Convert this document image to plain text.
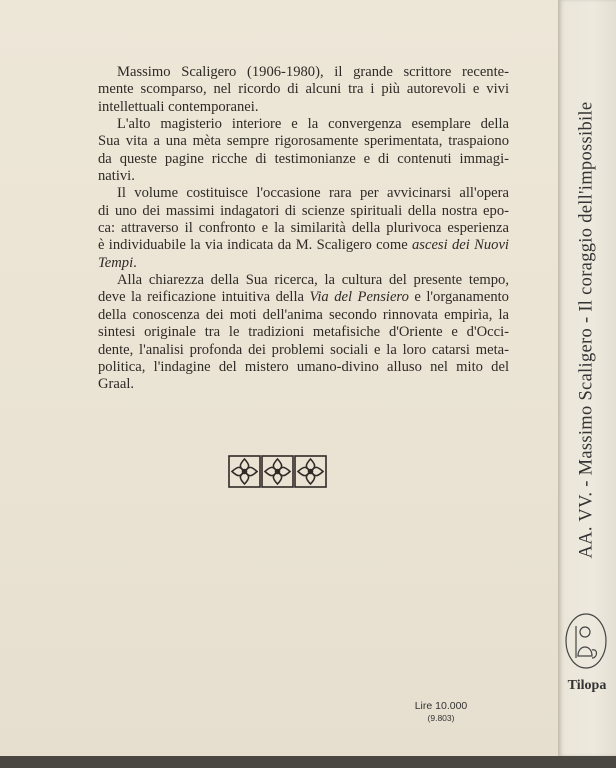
Massimo Scaligero (1906-1980), il grande scrittore recente-
mente scomparso, nel ricordo di alcuni tra i più autorevoli e vivi
intellettuali contemporanei.
L'alto magisterio interiore e la convergenza esemplare della
Sua vita a una mèta sempre rigorosamente sperimentata, traspaiono
da queste pagine ricche di testimonianze e di contenuti immagi-
nativi.
Il volume costituisce l'occasione rara per avvicinarsi all'opera
di uno dei massimi indagatori di scienze spirituali della nostra epo-
ca: attraverso il confronto e la similarità della plurivoca esperienza
è individuabile la via indicata da M. Scaligero come ascesi dei Nuovi
Tempi.
Alla chiarezza della Sua ricerca, la cultura del presente tempo,
deve la reificazione intuitiva della Via del Pensiero e l'organamento
della conoscenza dei moti dell'anima secondo rinnovata empirìa, la
sintesi originale tra le tradizioni metafisiche d'Oriente e d'Occi-
dente, l'analisi profonda dei problemi sociali e la loro catarsi meta-
politica, l'indagine del mistero umano-divino alluso nel mito del
Graal.
Lire 10.000
(9.803)
AA. VV. - Massimo Scaligero - Il coraggio dell'impossibile
Tilopa
